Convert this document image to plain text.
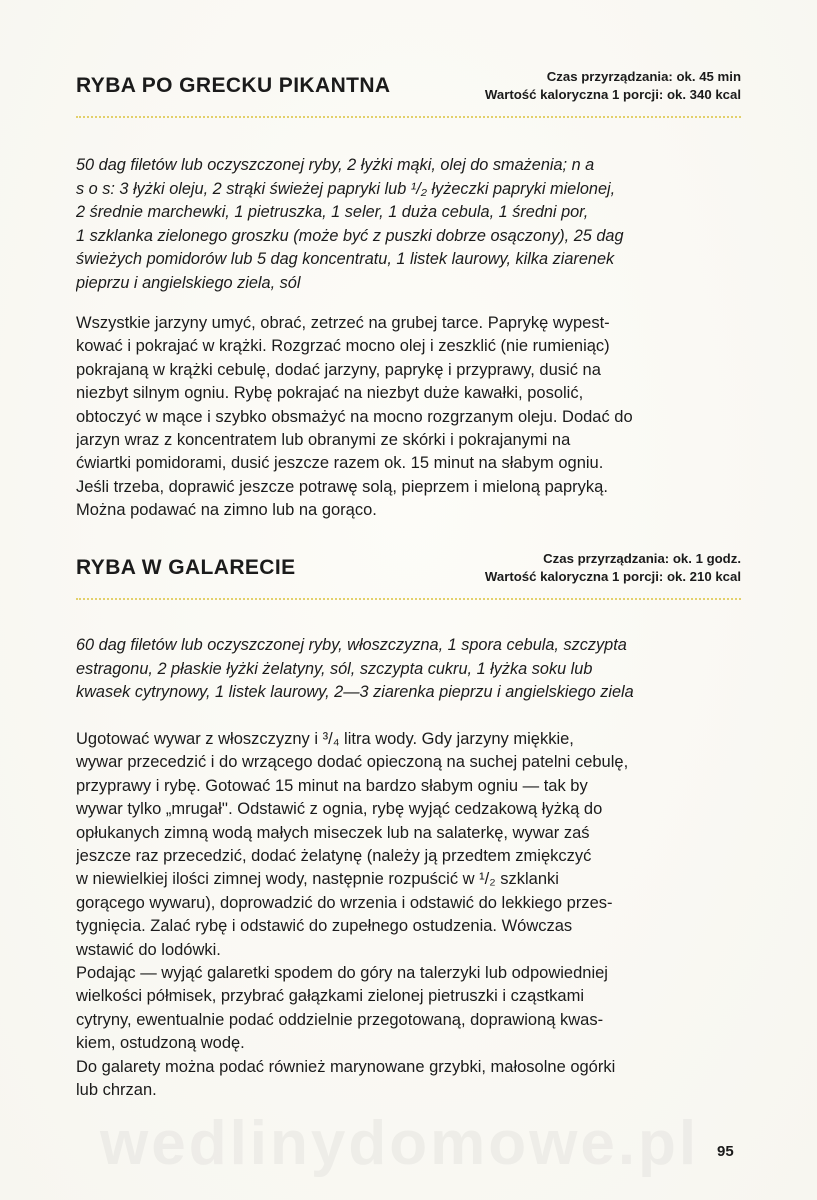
RYBA PO GRECKU PIKANTNA	Czas przyrządzania: ok. 45 min
Wartość kaloryczna 1 porcji: ok. 340 kcal
50 dag filetów lub oczyszczonej ryby, 2 łyżki mąki, olej do smażenia; n a
s o s: 3 łyżki oleju, 2 strąki świeżej papryki lub ¹/₂ łyżeczki papryki mielonej,
2 średnie marchewki, 1 pietruszka, 1 seler, 1 duża cebula, 1 średni por,
1 szklanka zielonego groszku (może być z puszki dobrze osączony), 25 dag
świeżych pomidorów lub 5 dag koncentratu, 1 listek laurowy, kilka ziarenek
pieprzu i angielskiego ziela, sól
Wszystkie jarzyny umyć, obrać, zetrzeć na grubej tarce. Paprykę wypest-
kować i pokrajać w krążki. Rozgrzać mocno olej i zeszklić (nie rumieniąc)
pokrajaną w krążki cebulę, dodać jarzyny, paprykę i przyprawy, dusić na
niezbyt silnym ogniu. Rybę pokrajać na niezbyt duże kawałki, posolić,
obtoczyć w mące i szybko obsmażyć na mocno rozgrzanym oleju. Dodać do
jarzyn wraz z koncentratem lub obranymi ze skórki i pokrajanymi na
ćwiartki pomidorami, dusić jeszcze razem ok. 15 minut na słabym ogniu.
Jeśli trzeba, doprawić jeszcze potrawę solą, pieprzem i mieloną papryką.
Można podawać na zimno lub na gorąco.
RYBA W GALARECIE	Czas przyrządzania: ok. 1 godz.
Wartość kaloryczna 1 porcji: ok. 210 kcal
60 dag filetów lub oczyszczonej ryby, włoszczyzna, 1 spora cebula, szczypta
estragonu, 2 płaskie łyżki żelatyny, sól, szczypta cukru, 1 łyżka soku lub
kwasek cytrynowy, 1 listek laurowy, 2—3 ziarenka pieprzu i angielskiego ziela
Ugotować wywar z włoszczyzny i ³/₄ litra wody. Gdy jarzyny miękkie,
wywar przecedzić i do wrzącego dodać opieczoną na suchej patelni cebulę,
przyprawy i rybę. Gotować 15 minut na bardzo słabym ogniu — tak by
wywar tylko „mrugał''. Odstawić z ognia, rybę wyjąć cedzakową łyżką do
opłukanych zimną wodą małych miseczek lub na salaterkę, wywar zaś
jeszcze raz przecedzić, dodać żelatynę (należy ją przedtem zmiękczyć
w niewielkiej ilości zimnej wody, następnie rozpuścić w ¹/₂ szklanki
gorącego wywaru), doprowadzić do wrzenia i odstawić do lekkiego przes-
tygnięcia. Zalać rybę i odstawić do zupełnego ostudzenia. Wówczas
wstawić do lodówki.
Podając — wyjąć galaretki spodem do góry na talerzyki lub odpowiedniej
wielkości półmisek, przybrać gałązkami zielonej pietruszki i cząstkami
cytryny, ewentualnie podać oddzielnie przegotowaną, doprawioną kwas-
kiem, ostudzoną wodę.
Do galarety można podać również marynowane grzybki, małosolne ogórki
lub chrzan.
wedlinydomowe.pl 95
